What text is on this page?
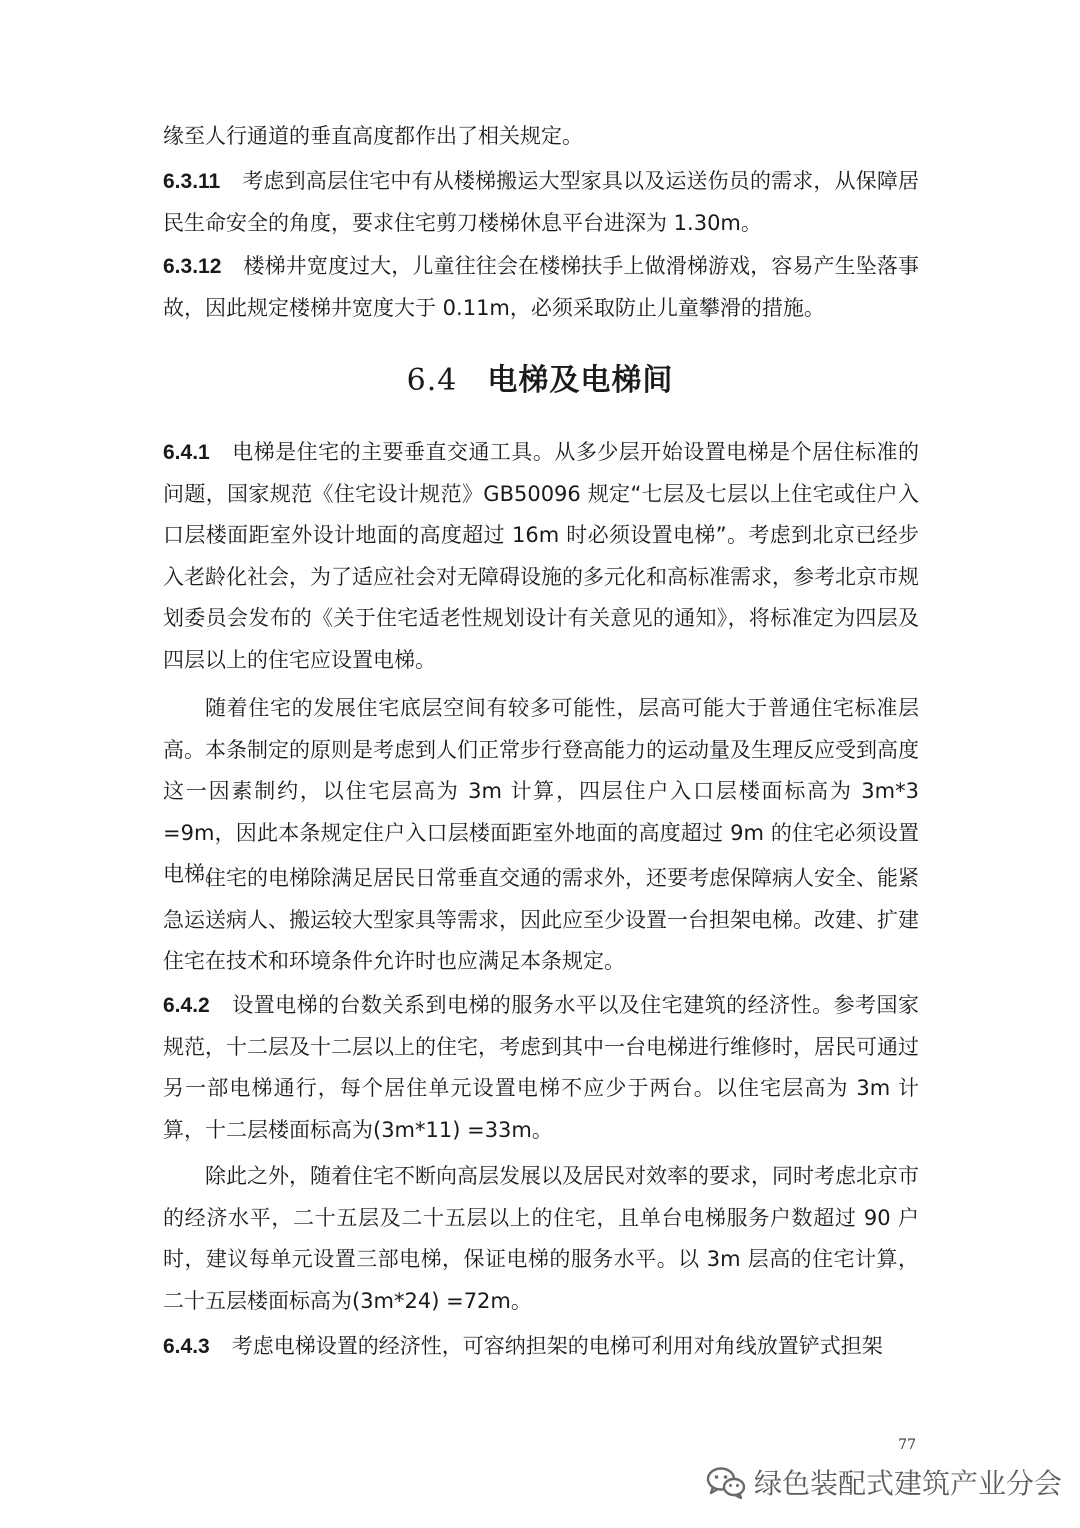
缘至人行通道的垂直高度都作出了相关规定。
6.3.11 考虑到高层住宅中有从楼梯搬运大型家具以及运送伤员的需求，从保障居民生命安全的角度，要求住宅剪刀楼梯休息平台进深为 1.30m。
6.3.12 楼梯井宽度过大，儿童往往会在楼梯扶手上做滑梯游戏，容易产生坠落事故，因此规定楼梯井宽度大于 0.11m，必须采取防止儿童攀滑的措施。
6.4 电梯及电梯间
6.4.1 电梯是住宅的主要垂直交通工具。从多少层开始设置电梯是个居住标准的问题，国家规范《住宅设计规范》GB50096 规定“七层及七层以上住宅或住户入口层楼面距室外设计地面的高度超过 16m 时必须设置电梯”。考虑到北京已经步入老龄化社会，为了适应社会对无障碍设施的多元化和高标准需求，参考北京市规划委员会发布的《关于住宅适老性规划设计有关意见的通知》，将标准定为四层及四层以上的住宅应设置电梯。
随着住宅的发展住宅底层空间有较多可能性，层高可能大于普通住宅标准层高。本条制定的原则是考虑到人们正常步行登高能力的运动量及生理反应受到高度这一因素制约，以住宅层高为 3m 计算，四层住户入口层楼面标高为 3m*3 =9m，因此本条规定住户入口层楼面距室外地面的高度超过 9m 的住宅必须设置电梯。
住宅的电梯除满足居民日常垂直交通的需求外，还要考虑保障病人安全、能紧急运送病人、搬运较大型家具等需求，因此应至少设置一台担架电梯。改建、扩建住宅在技术和环境条件允许时也应满足本条规定。
6.4.2 设置电梯的台数关系到电梯的服务水平以及住宅建筑的经济性。参考国家规范，十二层及十二层以上的住宅，考虑到其中一台电梯进行维修时，居民可通过另一部电梯通行，每个居住单元设置电梯不应少于两台。以住宅层高为 3m 计算，十二层楼面标高为(3m*11) =33m。
除此之外，随着住宅不断向高层发展以及居民对效率的要求，同时考虑北京市的经济水平，二十五层及二十五层以上的住宅，且单台电梯服务户数超过 90 户时，建议每单元设置三部电梯，保证电梯的服务水平。以 3m 层高的住宅计算，二十五层楼面标高为(3m*24) =72m。
6.4.3 考虑电梯设置的经济性，可容纳担架的电梯可利用对角线放置铲式担架
77
绿色装配式建筑产业分会
